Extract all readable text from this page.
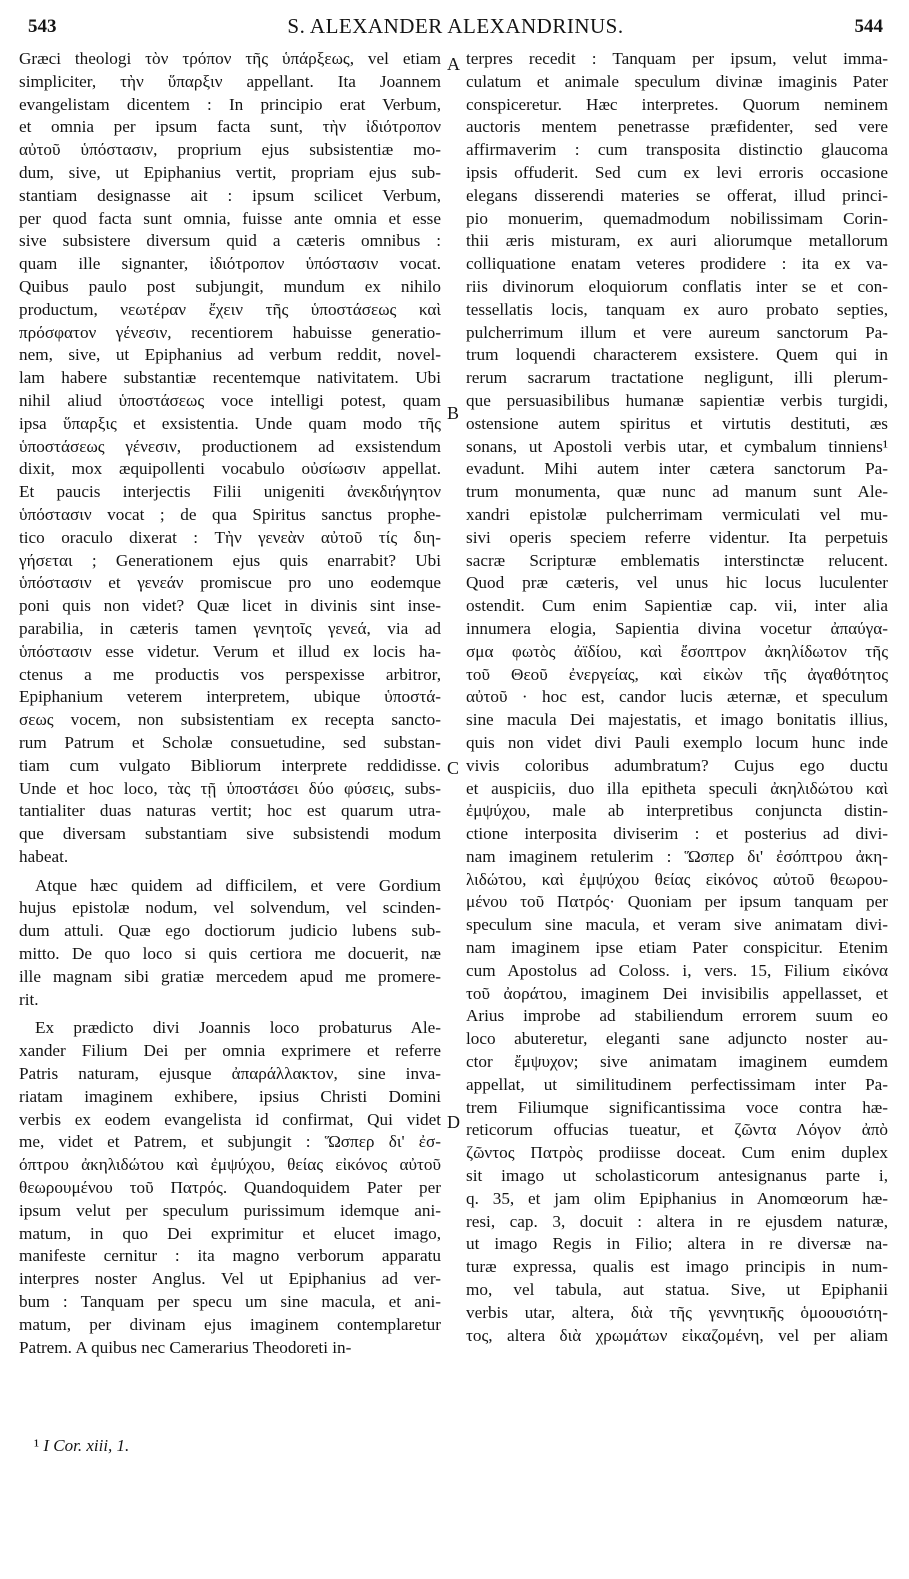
543	S. ALEXANDER ALEXANDRINUS.	544
Græci theologi τὸν τρόπον τῆς ὑπάρξεως, vel etiam
simpliciter, τὴν ὕπαρξιν appellant. Ita Joannem
evangelistam dicentem : In principio erat Verbum,
et omnia per ipsum facta sunt, τὴν ἰδιότροπον
αὐτοῦ ὑπόστασιν, proprium ejus subsistentiæ mo-
dum, sive, ut Epiphanius vertit, propriam ejus sub-
stantiam designasse ait : ipsum scilicet Verbum,
per quod facta sunt omnia, fuisse ante omnia et esse
sive subsistere diversum quid a cæteris omnibus :
quam ille signanter, ἰδιότροπον ὑπόστασιν vocat.
Quibus paulo post subjungit, mundum ex nihilo
productum, νεωτέραν ἔχειν τῆς ὑποστάσεως καὶ
πρόσφατον γένεσιν, recentiorem habuisse generatio-
nem, sive, ut Epiphanius ad verbum reddit, novel-
lam habere substantiæ recentemque nativitatem. Ubi
nihil aliud ὑποστάσεως voce intelligi potest, quam
ipsa ὕπαρξις et exsistentia. Unde quam modo τῆς
ὑποστάσεως γένεσιν, productionem ad exsistendum
dixit, mox æquipollenti vocabulo οὐσίωσιν appellat.
Et paucis interjectis Filii unigeniti ἀνεκδιήγητον
ὑπόστασιν vocat ; de qua Spiritus sanctus prophe-
tico oraculo dixerat : Τὴν γενεὰν αὐτοῦ τίς διη-
γήσεται ; Generationem ejus quis enarrabit? Ubi
ὑπόστασιν et γενεάν promiscue pro uno eodemque
poni quis non videt? Quæ licet in divinis sint inse-
parabilia, in cæteris tamen γενητοῖς γενεά, via ad
ὑπόστασιν esse videtur. Verum et illud ex locis ha-
ctenus a me productis vos perspexisse arbitror,
Epiphanium veterem interpretem, ubique ὑποστά-
σεως vocem, non subsistentiam ex recepta sancto-
rum Patrum et Scholæ consuetudine, sed substan-
tiam cum vulgato Bibliorum interprete reddidisse.
Unde et hoc loco, τὰς τῇ ὑποστάσει δύο φύσεις, subs-
tantialiter duas naturas vertit; hoc est quarum utra-
que diversam substantiam sive subsistendi modum
habeat.
Atque hæc quidem ad difficilem, et vere Gordium
hujus epistolæ nodum, vel solvendum, vel scinden-
dum attuli. Quæ ego doctiorum judicio lubens sub-
mitto. De quo loco si quis certiora me docuerit, næ
ille magnam sibi gratiæ mercedem apud me promere-
rit.
Ex prædicto divi Joannis loco probaturus Ale-
xander Filium Dei per omnia exprimere et referre
Patris naturam, ejusque ἀπαράλλακτον, sine inva-
riatam imaginem exhibere, ipsius Christi Domini
verbis ex eodem evangelista id confirmat, Qui videt
me, videt et Patrem, et subjungit : Ὥσπερ δι' ἐσ-
όπτρου ἀκηλιδώτου καὶ ἐμψύχου, θείας εἰκόνος αὐτοῦ
θεωρουμένου τοῦ Πατρός. Quandoquidem Pater per
ipsum velut per speculum purissimum idemque ani-
matum, in quo Dei exprimitur et elucet imago,
manifeste cernitur : ita magno verborum apparatu
interpres noster Anglus. Vel ut Epiphanius ad ver-
bum : Tanquam per specu um sine macula, et ani-
matum, per divinam ejus imaginem contemplaretur
Patrem. A quibus nec Camerarius Theodoreti in-
terpres recedit : Tanquam per ipsum, velut imma-
culatum et animale speculum divinæ imaginis Pater
conspiceretur. Hæc interpretes. Quorum neminem
auctoris mentem penetrasse præfidenter, sed vere
affirmaverim : cum transposita distinctio glaucoma
ipsis offuderit. Sed cum ex levi erroris occasione
elegans disserendi materies se offerat, illud princi-
pio monuerim, quemadmodum nobilissimam Corin-
thii æris misturam, ex auri aliorumque metallorum
colliquatione enatam veteres prodidere : ita ex va-
riis divinorum eloquiorum conflatis inter se et con-
tessellatis locis, tanquam ex auro probato septies,
pulcherrimum illum et vere aureum sanctorum Pa-
trum loquendi characterem exsistere. Quem qui in
rerum sacrarum tractatione negligunt, illi plerum-
que persuasibilibus humanæ sapientiæ verbis turgidi,
ostensione autem spiritus et virtutis destituti, æs
sonans, ut Apostoli verbis utar, et cymbalum tinniens¹
evadunt. Mihi autem inter cætera sanctorum Pa-
trum monumenta, quæ nunc ad manum sunt Ale-
xandri epistolæ pulcherrimam vermiculati vel mu-
sivi operis speciem referre videntur. Ita perpetuis
sacræ Scripturæ emblematis interstinctæ relucent.
Quod præ cæteris, vel unus hic locus luculenter
ostendit. Cum enim Sapientiæ cap. vii, inter alia
innumera elogia, Sapientia divina vocetur ἀπαύγα-
σμα φωτὸς ἀϊδίου, καὶ ἔσοπτρον ἀκηλίδωτον τῆς
τοῦ Θεοῦ ἐνεργείας, καὶ εἰκὼν τῆς ἀγαθότητος
αὐτοῦ · hoc est, candor lucis æternæ, et speculum
sine macula Dei majestatis, et imago bonitatis illius,
quis non videt divi Pauli exemplo locum hunc inde
vivis coloribus adumbratum? Cujus ego ductu
et auspiciis, duo illa epitheta speculi ἀκηλιδώτου καὶ
ἐμψύχου, male ab interpretibus conjuncta distin-
ctione interposita diviserim : et posterius ad divi-
nam imaginem retulerim : Ὥσπερ δι' ἐσόπτρου ἀκη-
λιδώτου, καὶ ἐμψύχου θείας εἰκόνος αὐτοῦ θεωρου-
μένου τοῦ Πατρός· Quoniam per ipsum tanquam per
speculum sine macula, et veram sive animatam divi-
nam imaginem ipse etiam Pater conspicitur. Etenim
cum Apostolus ad Coloss. i, vers. 15, Filium εἰκόνα
τοῦ ἀοράτου, imaginem Dei invisibilis appellasset, et
Arius improbe ad stabiliendum errorem suum eo
loco abuteretur, eleganti sane adjuncto noster au-
ctor ἔμψυχον; sive animatam imaginem eumdem
appellat, ut similitudinem perfectissimam inter Pa-
trem Filiumque significantissima voce contra hæ-
reticorum offucias tueatur, et ζῶντα Λόγον ἀπὸ
ζῶντος Πατρὸς prodiisse doceat. Cum enim duplex
sit imago ut scholasticorum antesignanus parte i,
q. 35, et jam olim Epiphanius in Anomœorum hæ-
resi, cap. 3, docuit : altera in re ejusdem naturæ,
ut imago Regis in Filio; altera in re diversæ na-
turæ expressa, qualis est imago principis in num-
mo, vel tabula, aut statua. Sive, ut Epiphanii
verbis utar, altera, διὰ τῆς γεννητικῆς ὁμοουσιότη-
τος, altera διὰ χρωμάτων εἰκαζομένη, vel per aliam
A
B
C
D
¹ I Cor. xiii, 1.
